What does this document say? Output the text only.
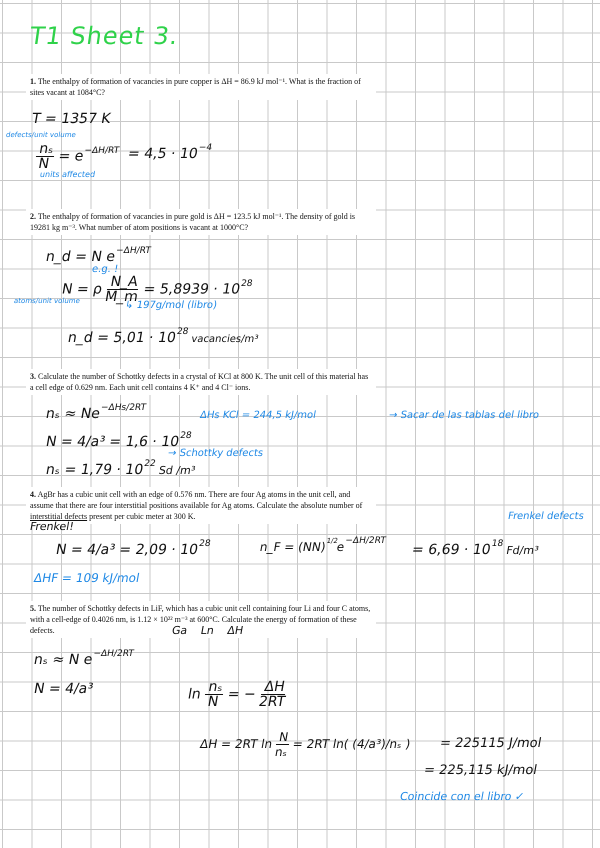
T1 Sheet 3.
1. The enthalpy of formation of vacancies in pure copper is ΔH = 86.9 kJ mol⁻¹. What is the fraction of sites vacant at 1084°C?
T = 1357 K
defects/unit volume
$\frac{\text{nₛ}}{N} = e^{-\Delta H/RT} = 4,5 \cdot 10^{-4}$
units affected
2. The enthalpy of formation of vacancies in pure gold is ΔH = 123.5 kJ mol⁻¹. The density of gold is 19281 kg m⁻³. What number of atom positions is vacant at 1000°C?
n_d = N $e^{-\Delta H/RT}$
e.g. !
N = ρ $\frac{N\_A}{M\_m} = 5,8939 \cdot 10^{28}$
atoms/unit volume	↳ 197g/mol (libro)
n_d = $5,01 \cdot 10^{28}$ vacancies/m³
3. Calculate the number of Schottky defects in a crystal of KCl at 800 K. The unit cell of this material has a cell edge of 0.629 nm. Each unit cell contains 4 K⁺ and 4 Cl⁻ ions.
$n_s \approx Ne^{-\Delta Hs/2RT}$
ΔHs KCl = 244,5 kJ/mol	→ Sacar de las tablas del libro
$N = 4/a^3 = 1,6 \cdot 10^{28}$
→ Schottky defects
$n_s = 1,79 \cdot 10^{22}$ Sd /m³
4. AgBr has a cubic unit cell with an edge of 0.576 nm. There are four Ag atoms in the unit cell, and assume that there are four interstitial positions available for Ag atoms. Calculate the absolute number of interstitial defects present per cubic meter at 300 K.
Frenkel!
Frenkel defects
$N = 4/a^3 = 2,09 \cdot 10^{28}$	n_F = $(NN)^{1/2}e^{-\Delta H/2RT}$
= $6,69 \cdot 10^{18}$ Fd/m³
ΔHF = 109 kJ/mol
5. The number of Schottky defects in LiF, which has a cubic unit cell containing four Li and four C atoms, with a cell-edge of 0.4026 nm, is 1.12 × 10²² m⁻³ at 600°C. Calculate the energy of formation of these defects.	Ga Ln ΔH
nₛ ≈ N $e^{-\Delta H/2RT}$
N = 4/a³	$\ln \frac{\text{nₛ}}{N}$ = − $\frac{\Delta H}{2RT}$
ΔH = 2RT $\ln \frac{N}{\text{nₛ}} = 2RT$ ln( (4/a³)/nₛ ) = 225115 J/mol
= 225,115 kJ/mol
Coincide con el libro ✓
